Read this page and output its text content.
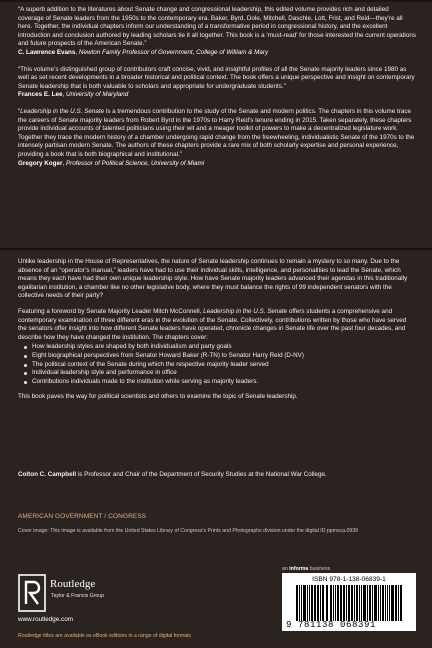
“A superb addition to the literatures about Senate change and congressional leadership, this edited volume provides rich and detailed coverage of Senate leaders from the 1950s to the contemporary era. Baker, Byrd, Dole, Mitchell, Daschle, Lott, Frist, and Reid—they’re all here. Together, the individual chapters inform our understanding of a transformative period in congressional history, and the excellent introduction and conclusion authored by leading scholars tie it all together. This book is a ‘must-read’ for those interested the current operations and future prospects of the American Senate.”

C. Lawrence Evans, Newton Family Professor of Government, College of William & Mary

“This volume’s distinguished group of contributors craft concise, vivid, and insightful profiles of all the Senate majority leaders since 1980 as well as set recent developments in a broader historical and political context. The book offers a unique perspective and insight on contemporary Senate leadership that is both valuable to scholars and appropriate for undergraduate students.”

Frances E. Lee, University of Maryland

“Leadership in the U.S. Senate is a tremendous contribution to the study of the Senate and modern politics. The chapters in this volume trace the careers of Senate majority leaders from Robert Byrd in the 1970s to Harry Reid’s tenure ending in 2015. Taken separately, these chapters provide individual accounts of talented politicians using their wit and a meager toolkit of powers to make a decentralized legislature work. Together they trace the modern history of a chamber undergoing rapid change from the freewheeling, individualistic Senate of the 1970s to the intensely partisan modern Senate. The authors of these chapters provide a rare mix of both scholarly expertise and personal experience, providing a book that is both biographical and institutional.”

Gregory Koger, Professor of Political Science, University of Miami

Unlike leadership in the House of Representatives, the nature of Senate leadership continues to remain a mystery to so many. Due to the absence of an “operator’s manual,” leaders have had to use their individual skills, intelligence, and personalities to lead the Senate, which means they each have had their own unique leadership style. How have Senate majority leaders advanced their agendas in this traditionally egalitarian institution, a chamber like no other legislative body, where they must balance the rights of 99 independent senators with the collective needs of their party?

Featuring a foreword by Senate Majority Leader Mitch McConnell, Leadership in the U.S. Senate offers students a comprehensive and contemporary examination of three different eras in the evolution of the Senate. Collectively, contributions written by those who have served the senators offer insight into how different Senate leaders have operated, chronicle changes in Senate life over the past four decades, and describe how they have changed the institution. The chapters cover:

How leadership styles are shaped by both individualism and party goals
Eight biographical perspectives from Senator Howard Baker (R-TN) to Senator Harry Reid (D-NV)
The political context of the Senate during which the respective majority leader served
Individual leadership style and performance in office
Contributions individuals made to the institution while serving as majority leaders.

This book paves the way for political scientists and others to examine the topic of Senate leadership.

Colton C. Campbell is Professor and Chair of the Department of Security Studies at the National War College.

AMERICAN GOVERNMENT / CONGRESS
Cover image: This image is available from the United States Library of Congress’s Prints and Photographs division under the digital ID ppmsca.0939
an informa business
Routledge
Taylor & Francis Group
www.routledge.com
Routledge titles are available as eBook editions in a range of digital formats
ISBN 978-1-138-06839-1
9 781138 068391
